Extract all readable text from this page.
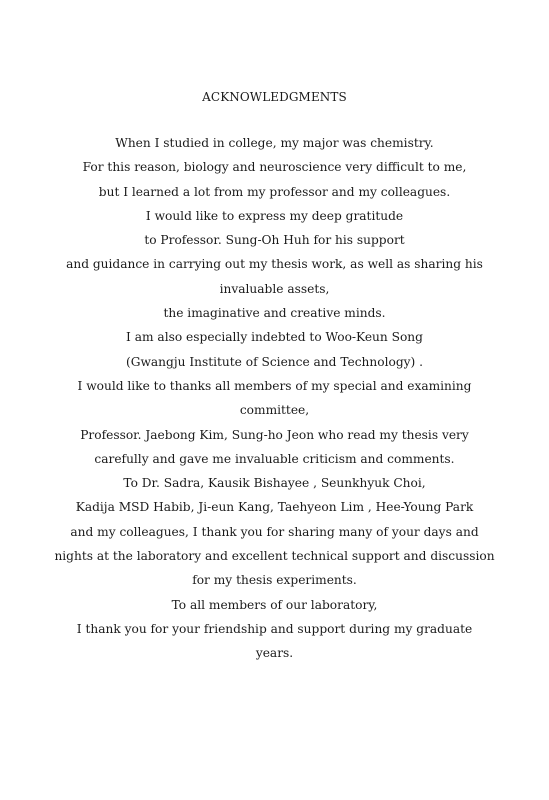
ACKNOWLEDGMENTS
When I studied in college, my major was chemistry.
For this reason, biology and neuroscience very difficult to me,
but I learned a lot from my professor and my colleagues.
I would like to express my deep gratitude
to Professor. Sung-Oh Huh for his support
and guidance in carrying out my thesis work, as well as sharing his
invaluable assets,
the imaginative and creative minds.
I am also especially indebted to Woo-Keun Song
(Gwangju Institute of Science and Technology) .
I would like to thanks all members of my special and examining
committee,
Professor. Jaebong Kim, Sung-ho Jeon who read my thesis very
carefully and gave me invaluable criticism and comments.
To Dr. Sadra, Kausik Bishayee , Seunkhyuk Choi,
Kadija MSD Habib, Ji-eun Kang, Taehyeon Lim , Hee-Young Park
and my colleagues, I thank you for sharing many of your days and
nights at the laboratory and excellent technical support and discussion
for my thesis experiments.
To all members of our laboratory,
I thank you for your friendship and support during my graduate
years.
